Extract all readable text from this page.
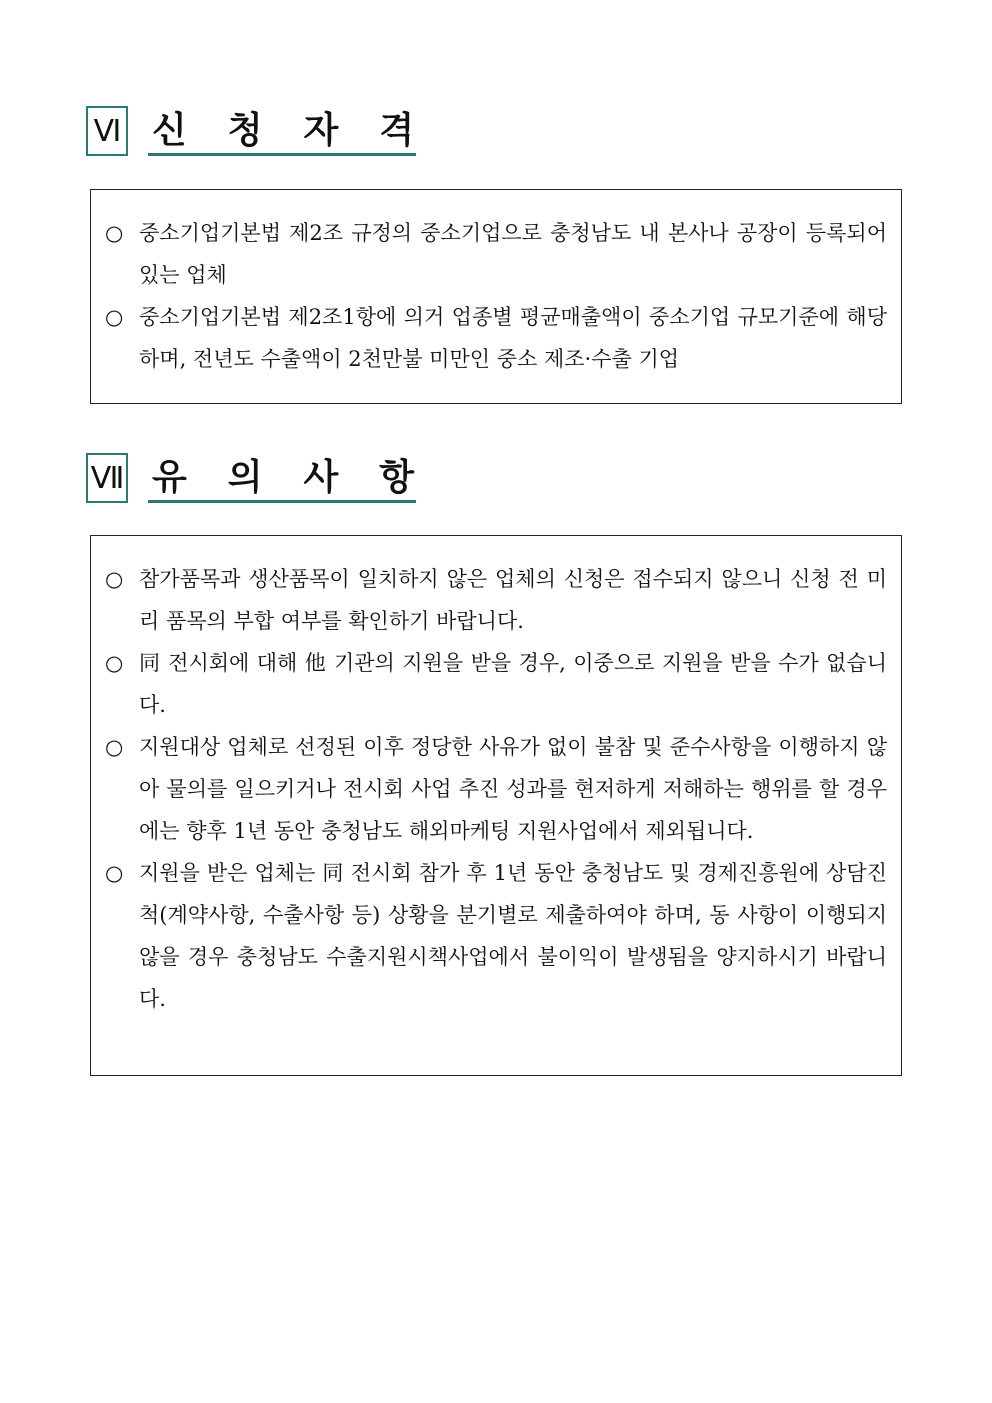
Ⅵ 신 청 자 격
○ 중소기업기본법 제2조 규정의 중소기업으로 충청남도 내 본사나 공장이 등록되어 있는 업체
○ 중소기업기본법 제2조1항에 의거 업종별 평균매출액이 중소기업 규모기준에 해당하며, 전년도 수출액이 2천만불 미만인 중소 제조·수출 기업
Ⅶ 유 의 사 항
○ 참가품목과 생산품목이 일치하지 않은 업체의 신청은 접수되지 않으니 신청 전 미리 품목의 부합 여부를 확인하기 바랍니다.
○ 同 전시회에 대해 他 기관의 지원을 받을 경우, 이중으로 지원을 받을 수가 없습니다.
○ 지원대상 업체로 선정된 이후 정당한 사유가 없이 불참 및 준수사항을 이행하지 않아 물의를 일으키거나 전시회 사업 추진 성과를 현저하게 저해하는 행위를 할 경우에는 향후 1년 동안 충청남도 해외마케팅 지원사업에서 제외됩니다.
○ 지원을 받은 업체는 同 전시회 참가 후 1년 동안 충청남도 및 경제진흥원에 상담진척(계약사항, 수출사항 등) 상황을 분기별로 제출하여야 하며, 동 사항이 이행되지 않을 경우 충청남도 수출지원시책사업에서 불이익이 발생됨을 양지하시기 바랍니다.
